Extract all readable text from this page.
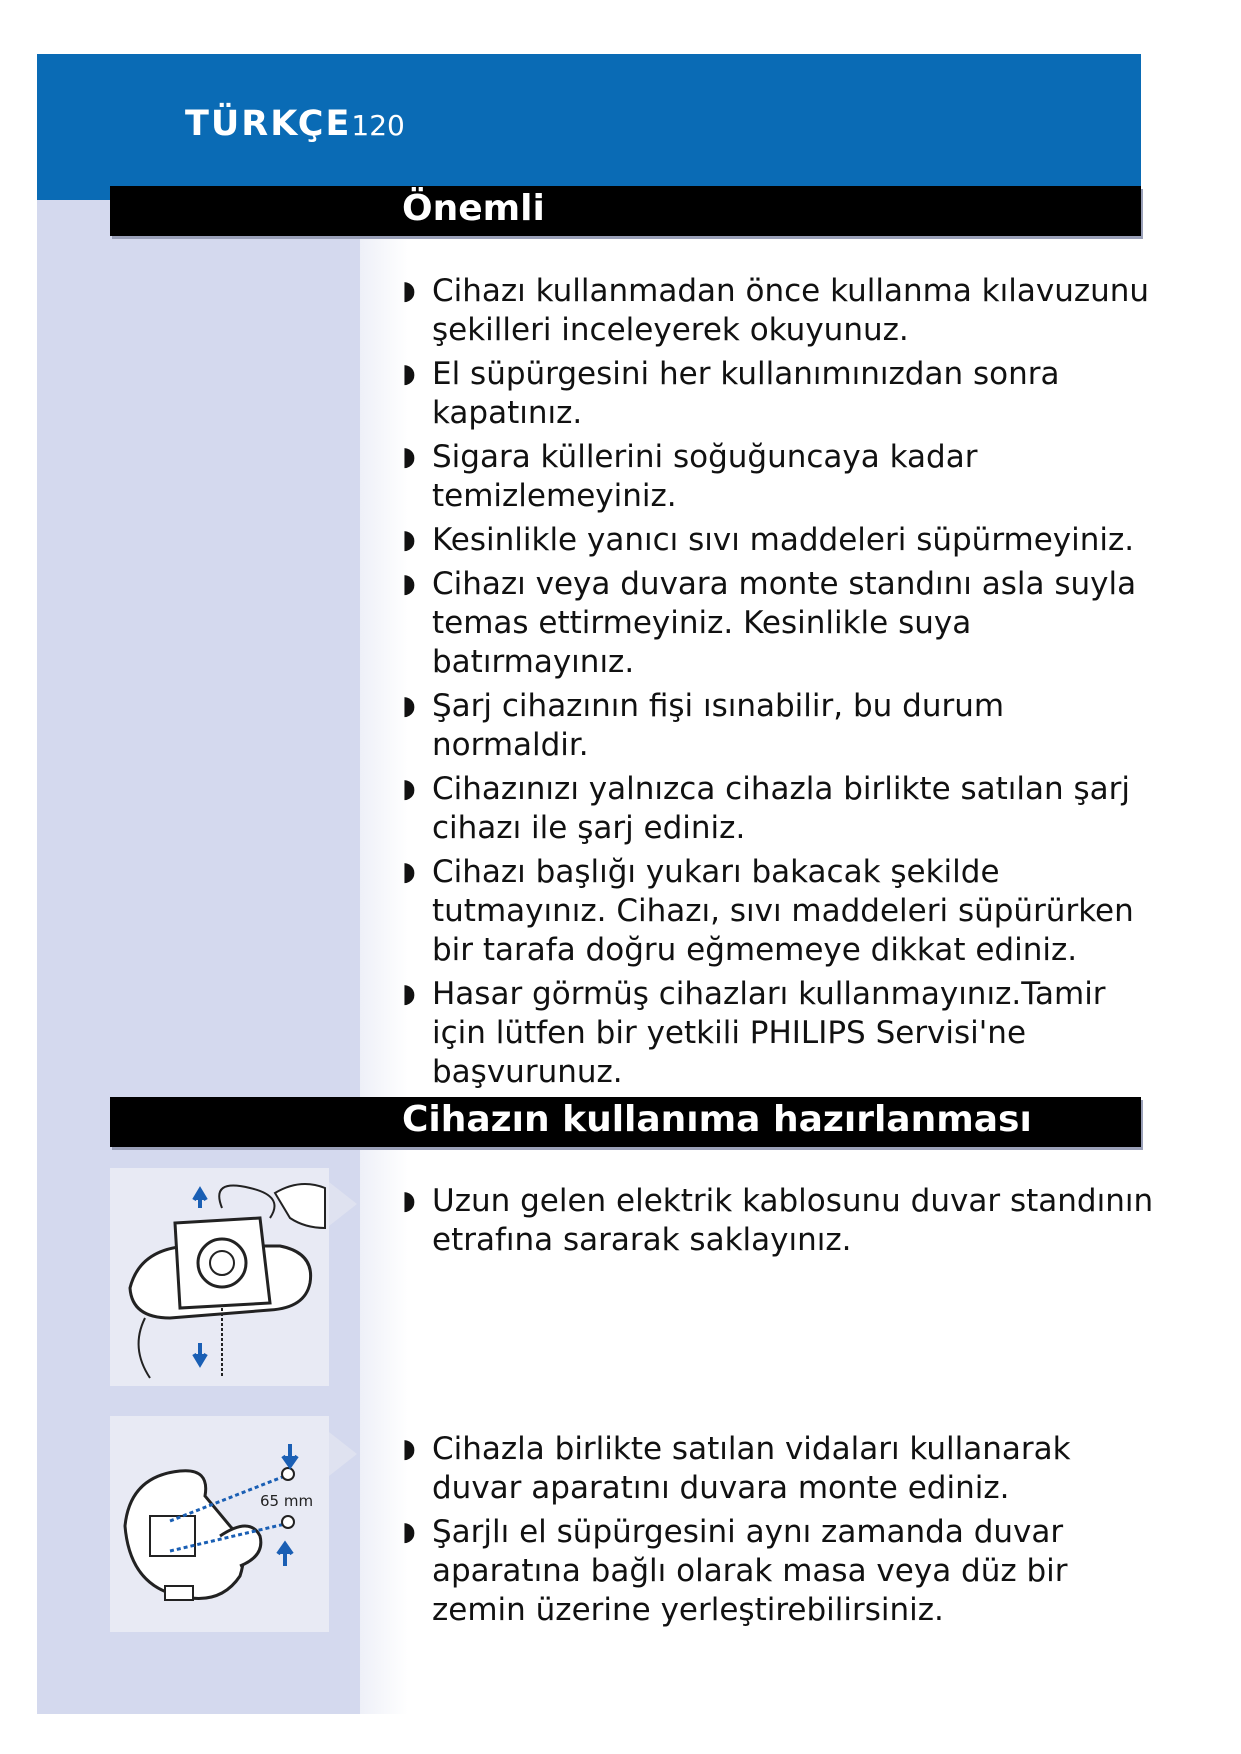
TÜRKÇE120
Önemli
◗ Cihazı kullanmadan önce kullanma kılavuzunu şekilleri inceleyerek okuyunuz.
◗ El süpürgesini her kullanımınızdan sonra kapatınız.
◗ Sigara küllerini soğuğuncaya kadar temizlemeyiniz.
◗ Kesinlikle yanıcı sıvı maddeleri süpürmeyiniz.
◗ Cihazı veya duvara monte standını asla suyla temas ettirmeyiniz. Kesinlikle suya batırmayınız.
◗ Şarj cihazının fişi ısınabilir, bu durum normaldir.
◗ Cihazınızı yalnızca cihazla birlikte satılan şarj cihazı ile şarj ediniz.
◗ Cihazı başlığı yukarı bakacak şekilde tutmayınız. Cihazı, sıvı maddeleri süpürürken bir tarafa doğru eğmemeye dikkat ediniz.
◗ Hasar görmüş cihazları kullanmayınız.Tamir için lütfen bir yetkili PHILIPS Servisi'ne başvurunuz.
Cihazın kullanıma hazırlanması
◗ Uzun gelen elektrik kablosunu duvar standının etrafına sararak saklayınız.
65 mm
◗ Cihazla birlikte satılan vidaları kullanarak duvar aparatını duvara monte ediniz.
◗ Şarjlı el süpürgesini aynı zamanda duvar aparatına bağlı olarak masa veya düz bir zemin üzerine yerleştirebilirsiniz.
